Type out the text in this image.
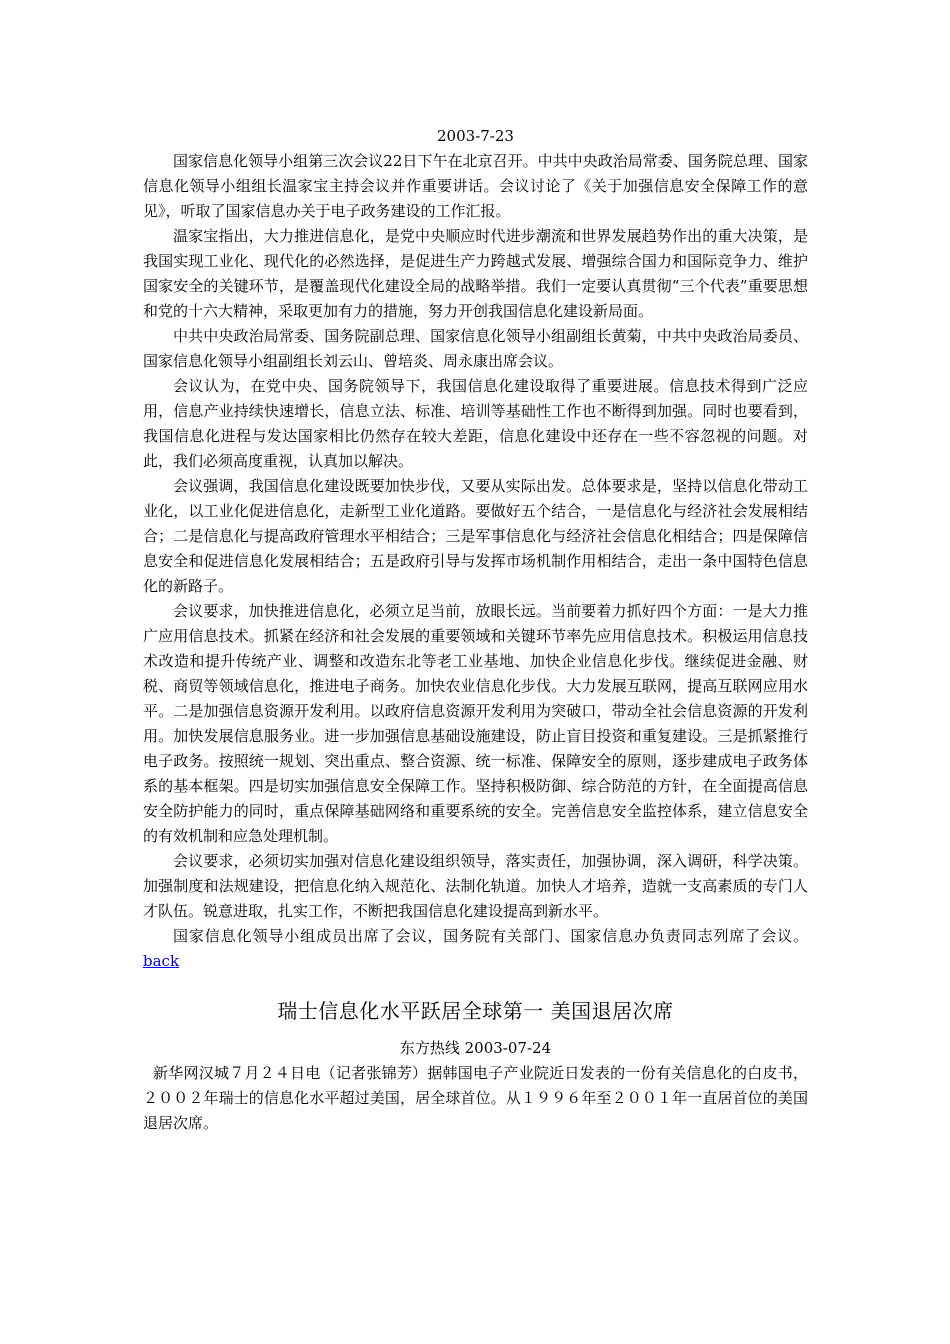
2003-7-23

国家信息化领导小组第三次会议22日下午在北京召开。中共中央政治局常委、国务院总理、国家信息化领导小组组长温家宝主持会议并作重要讲话。会议讨论了《关于加强信息安全保障工作的意见》，听取了国家信息办关于电子政务建设的工作汇报。

温家宝指出，大力推进信息化，是党中央顺应时代进步潮流和世界发展趋势作出的重大决策，是我国实现工业化、现代化的必然选择，是促进生产力跨越式发展、增强综合国力和国际竞争力、维护国家安全的关键环节，是覆盖现代化建设全局的战略举措。我们一定要认真贯彻“三个代表”重要思想和党的十六大精神，采取更加有力的措施，努力开创我国信息化建设新局面。

中共中央政治局常委、国务院副总理、国家信息化领导小组副组长黄菊，中共中央政治局委员、国家信息化领导小组副组长刘云山、曾培炎、周永康出席会议。

会议认为，在党中央、国务院领导下，我国信息化建设取得了重要进展。信息技术得到广泛应用，信息产业持续快速增长，信息立法、标准、培训等基础性工作也不断得到加强。同时也要看到，我国信息化进程与发达国家相比仍然存在较大差距，信息化建设中还存在一些不容忽视的问题。对此，我们必须高度重视，认真加以解决。

会议强调，我国信息化建设既要加快步伐，又要从实际出发。总体要求是，坚持以信息化带动工业化，以工业化促进信息化，走新型工业化道路。要做好五个结合，一是信息化与经济社会发展相结合；二是信息化与提高政府管理水平相结合；三是军事信息化与经济社会信息化相结合；四是保障信息安全和促进信息化发展相结合；五是政府引导与发挥市场机制作用相结合，走出一条中国特色信息化的新路子。

会议要求，加快推进信息化，必须立足当前，放眼长远。当前要着力抓好四个方面：一是大力推广应用信息技术。抓紧在经济和社会发展的重要领域和关键环节率先应用信息技术。积极运用信息技术改造和提升传统产业、调整和改造东北等老工业基地、加快企业信息化步伐。继续促进金融、财税、商贸等领域信息化，推进电子商务。加快农业信息化步伐。大力发展互联网，提高互联网应用水平。二是加强信息资源开发利用。以政府信息资源开发利用为突破口，带动全社会信息资源的开发利用。加快发展信息服务业。进一步加强信息基础设施建设，防止盲目投资和重复建设。三是抓紧推行电子政务。按照统一规划、突出重点、整合资源、统一标准、保障安全的原则，逐步建成电子政务体系的基本框架。四是切实加强信息安全保障工作。坚持积极防御、综合防范的方针，在全面提高信息安全防护能力的同时，重点保障基础网络和重要系统的安全。完善信息安全监控体系，建立信息安全的有效机制和应急处理机制。

会议要求，必须切实加强对信息化建设组织领导，落实责任，加强协调，深入调研，科学决策。加强制度和法规建设，把信息化纳入规范化、法制化轨道。加快人才培养，造就一支高素质的专门人才队伍。锐意进取，扎实工作，不断把我国信息化建设提高到新水平。

国家信息化领导小组成员出席了会议，国务院有关部门、国家信息办负责同志列席了会议。back

瑞士信息化水平跃居全球第一 美国退居次席

东方热线 2003-07-24

新华网汉城７月２４日电（记者张锦芳）据韩国电子产业院近日发表的一份有关信息化的白皮书，２００２年瑞士的信息化水平超过美国，居全球首位。从１９９６年至２００１年一直居首位的美国退居次席。
